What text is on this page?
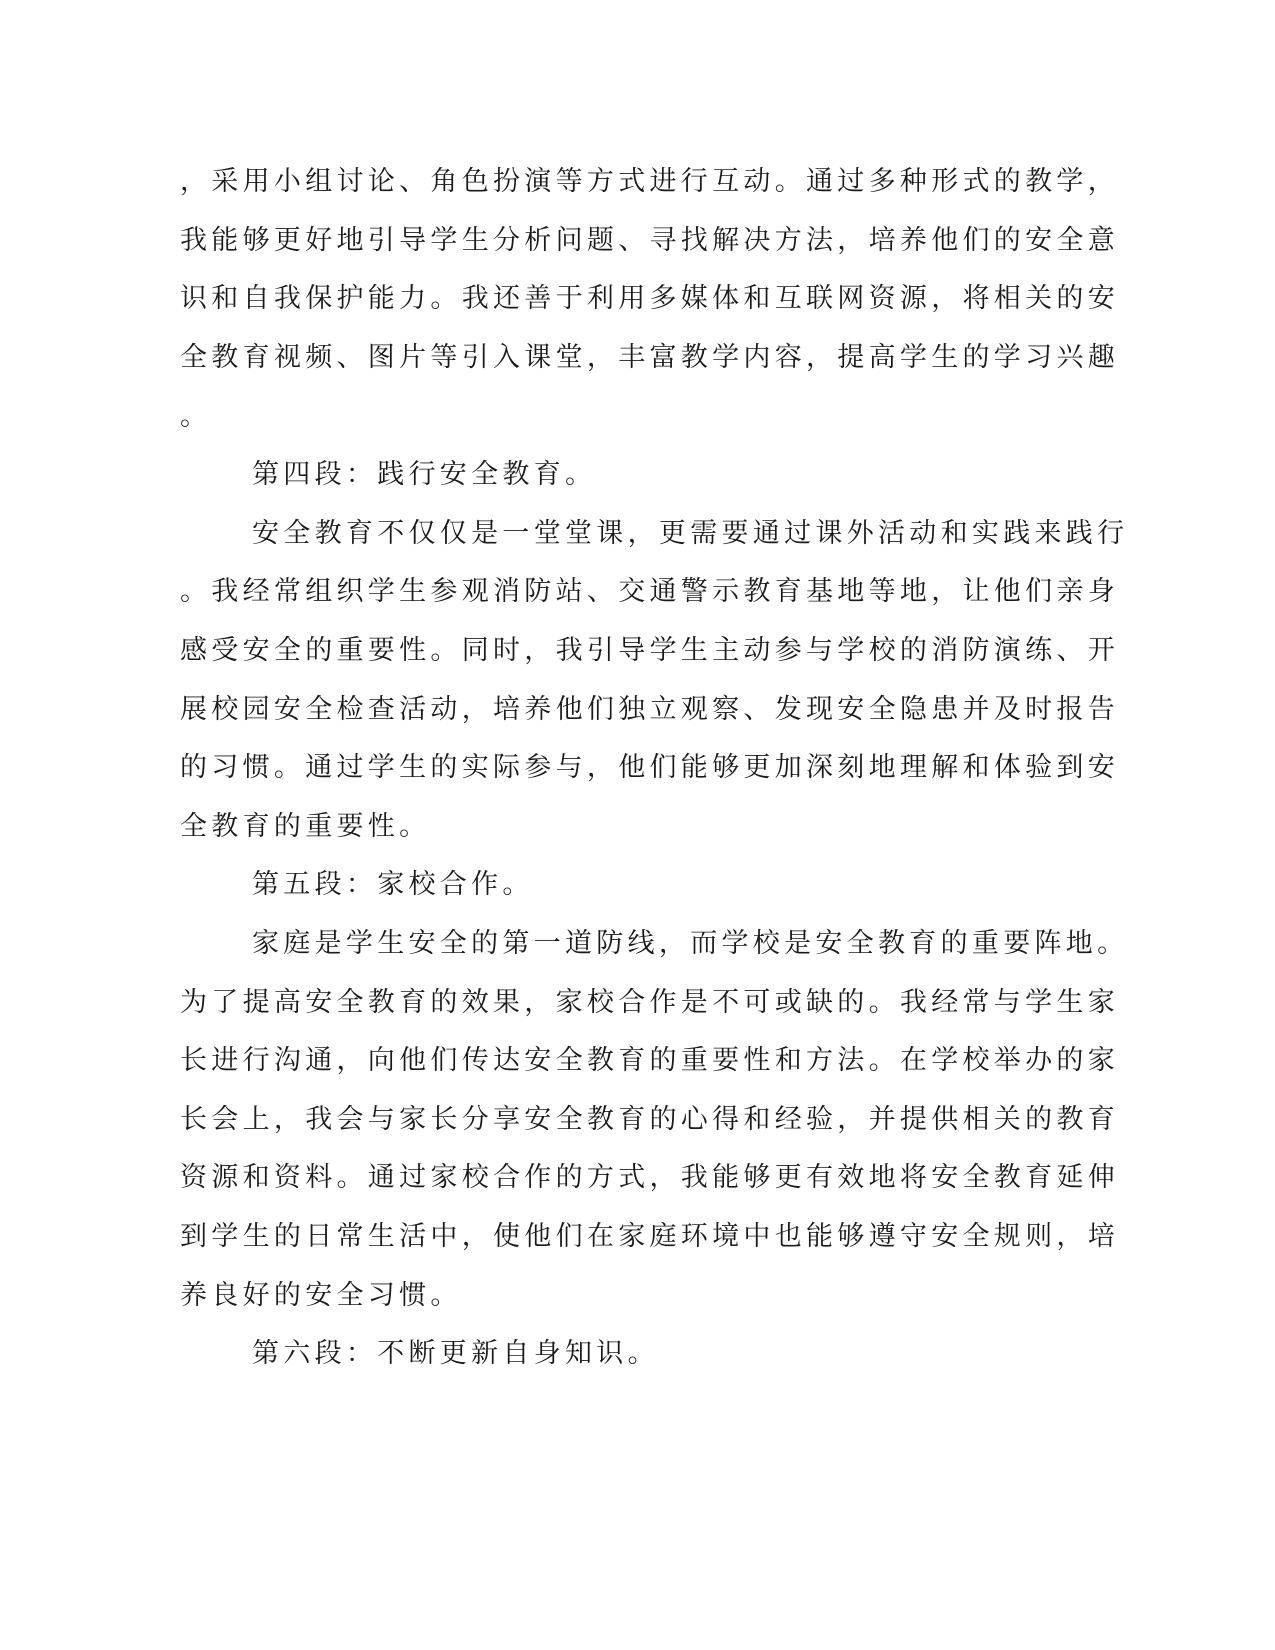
，采用小组讨论、角色扮演等方式进行互动。通过多种形式的教学，
我能够更好地引导学生分析问题、寻找解决方法，培养他们的安全意
识和自我保护能力。我还善于利用多媒体和互联网资源，将相关的安
全教育视频、图片等引入课堂，丰富教学内容，提高学生的学习兴趣
。
第四段：践行安全教育。
安全教育不仅仅是一堂堂课，更需要通过课外活动和实践来践行
。我经常组织学生参观消防站、交通警示教育基地等地，让他们亲身
感受安全的重要性。同时，我引导学生主动参与学校的消防演练、开
展校园安全检查活动，培养他们独立观察、发现安全隐患并及时报告
的习惯。通过学生的实际参与，他们能够更加深刻地理解和体验到安
全教育的重要性。
第五段：家校合作。
家庭是学生安全的第一道防线，而学校是安全教育的重要阵地。
为了提高安全教育的效果，家校合作是不可或缺的。我经常与学生家
长进行沟通，向他们传达安全教育的重要性和方法。在学校举办的家
长会上，我会与家长分享安全教育的心得和经验，并提供相关的教育
资源和资料。通过家校合作的方式，我能够更有效地将安全教育延伸
到学生的日常生活中，使他们在家庭环境中也能够遵守安全规则，培
养良好的安全习惯。
第六段：不断更新自身知识。
